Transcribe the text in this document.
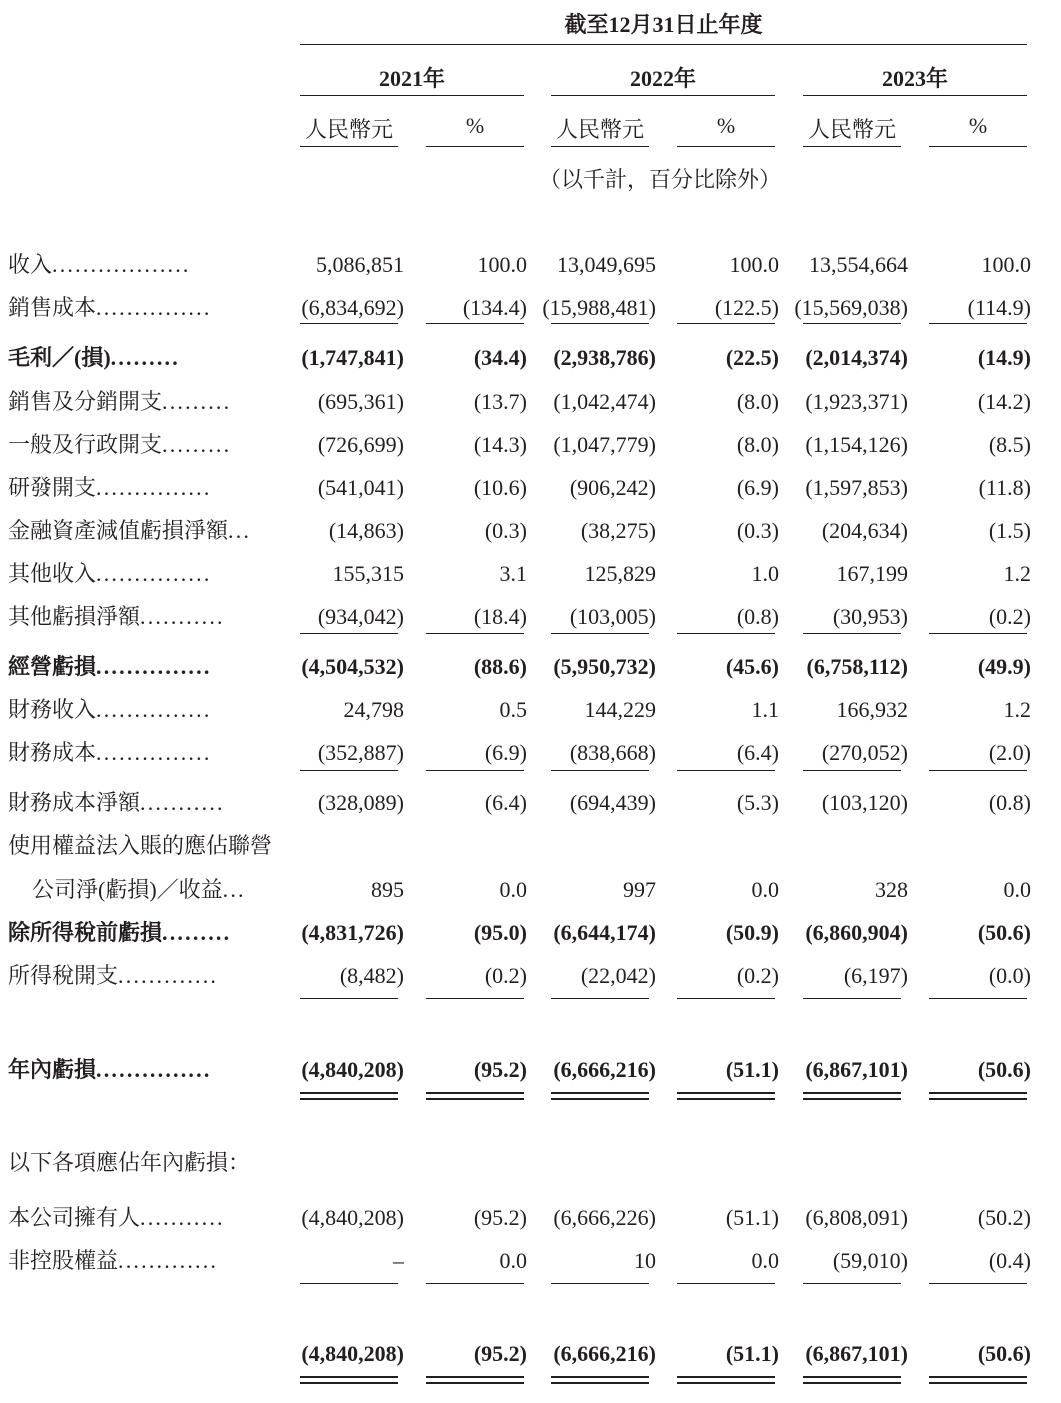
截至12月31日止年度
2021年	2022年	2023年
人民幣元	%	人民幣元	%	人民幣元	%
（以千計，百分比除外）
收入..................	5,086,851	100.0 13,049,695	100.0 13,554,664	100.0
銷售成本...............	(6,834,692)	(134.4) (15,988,481)	(122.5) (15,569,038)	(114.9)
毛利／(損).........	(1,747,841)	(34.4) (2,938,786)	(22.5) (2,014,374)	(14.9)
銷售及分銷開支.........	(695,361)	(13.7) (1,042,474)	(8.0) (1,923,371)	(14.2)
一般及行政開支.........	(726,699)	(14.3) (1,047,779)	(8.0) (1,154,126)	(8.5)
研發開支...............	(541,041)	(10.6) (906,242)	(6.9) (1,597,853)	(11.8)
金融資產減值虧損淨額...	(14,863)	(0.3) (38,275)	(0.3) (204,634)	(1.5)
其他收入...............	155,315	3.1	125,829	1.0	167,199	1.2
其他虧損淨額...........	(934,042)	(18.4) (103,005)	(0.8) (30,953)	(0.2)
經營虧損...............	(4,504,532)	(88.6) (5,950,732)	(45.6) (6,758,112)	(49.9)
財務收入...............	24,798	0.5	144,229	1.1	166,932	1.2
財務成本...............	(352,887)	(6.9) (838,668)	(6.4) (270,052)	(2.0)
財務成本淨額...........	(328,089)	(6.4) (694,439)	(5.3) (103,120)	(0.8)
使用權益法入賬的應佔聯營
公司淨(虧損)／收益...	895	0.0	997	0.0	328	0.0
除所得稅前虧損.........	(4,831,726)	(95.0) (6,644,174)	(50.9) (6,860,904)	(50.6)
所得稅開支.............	(8,482)	(0.2) (22,042)	(0.2)	(6,197)	(0.0)
年內虧損...............	(4,840,208)	(95.2) (6,666,216)	(51.1) (6,867,101)	(50.6)
以下各項應佔年內虧損：
本公司擁有人...........	(4,840,208)	(95.2) (6,666,226)	(51.1) (6,808,091)	(50.2)
非控股權益.............	–	0.0	10	0.0 (59,010)	(0.4)
(4,840,208)	(95.2) (6,666,216)	(51.1) (6,867,101)	(50.6)
